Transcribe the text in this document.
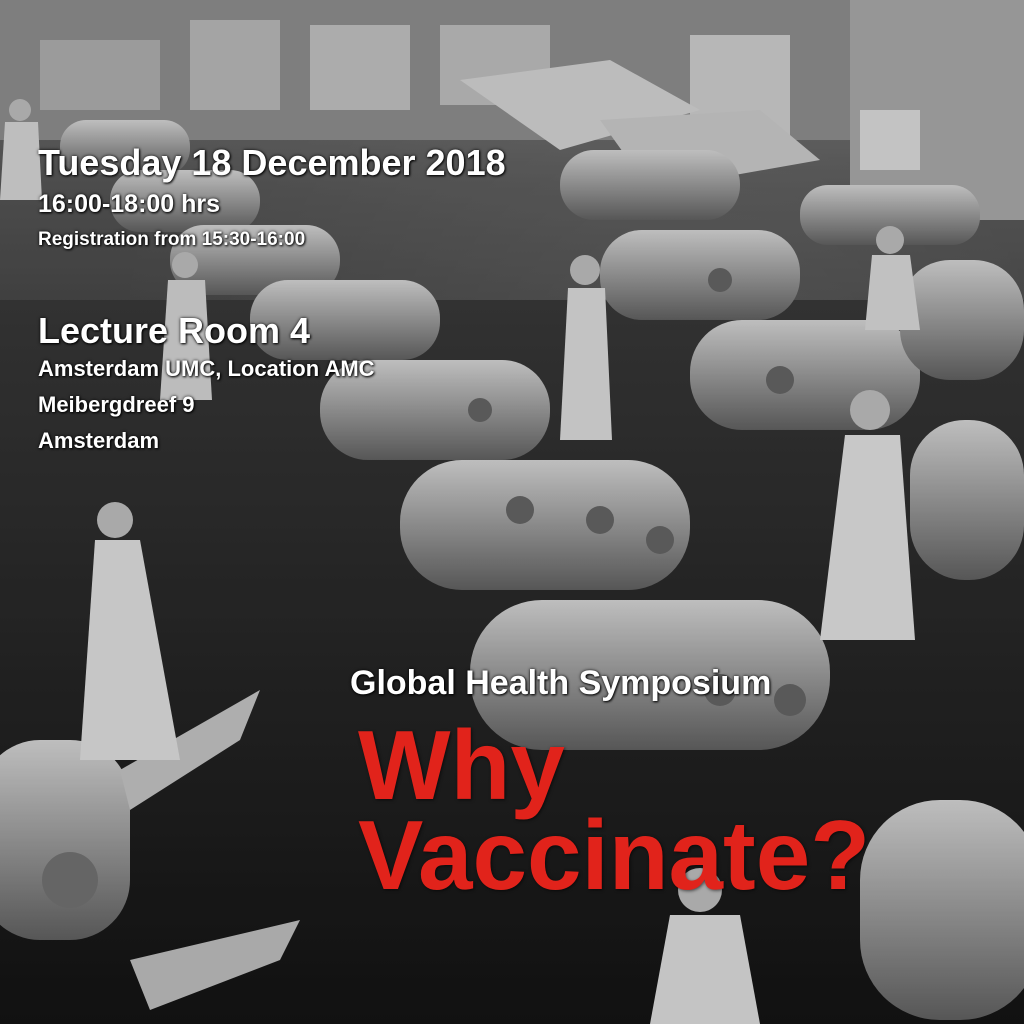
Tuesday 18 December 2018
16:00-18:00 hrs
Registration from 15:30-16:00
Lecture Room 4
Amsterdam UMC, Location AMC
Meibergdreef 9
Amsterdam
Global Health Symposium
Why
Vaccinate?
